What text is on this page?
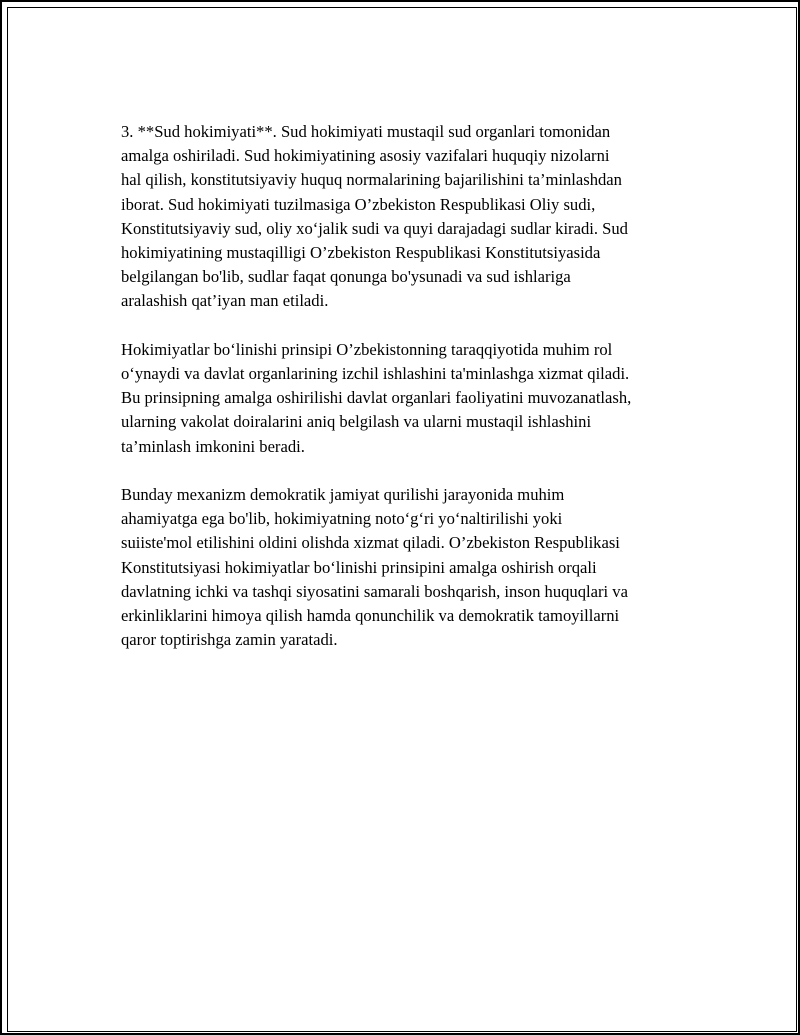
3. **Sud hokimiyati**. Sud hokimiyati mustaqil sud organlari tomonidan
amalga oshiriladi. Sud hokimiyatining asosiy vazifalari huquqiy nizolarni
hal qilish, konstitutsiyaviy huquq normalarining bajarilishini ta’minlashdan
iborat. Sud hokimiyati tuzilmasiga O’zbekiston Respublikasi Oliy sudi,
Konstitutsiyaviy sud, oliy xo‘jalik sudi va quyi darajadagi sudlar kiradi. Sud
hokimiyatining mustaqilligi O’zbekiston Respublikasi Konstitutsiyasida
belgilangan bo'lib, sudlar faqat qonunga bo'ysunadi va sud ishlariga
aralashish qat’iyan man etiladi.

Hokimiyatlar bo‘linishi prinsipi O’zbekistonning taraqqiyotida muhim rol
o‘ynaydi va davlat organlarining izchil ishlashini ta'minlashga xizmat qiladi.
Bu prinsipning amalga oshirilishi davlat organlari faoliyatini muvozanatlash,
ularning vakolat doiralarini aniq belgilash va ularni mustaqil ishlashini
ta’minlash imkonini beradi.

Bunday mexanizm demokratik jamiyat qurilishi jarayonida muhim
ahamiyatga ega bo'lib, hokimiyatning noto‘g‘ri yo‘naltirilishi yoki
suiiste'mol etilishini oldini olishda xizmat qiladi. O’zbekiston Respublikasi
Konstitutsiyasi hokimiyatlar bo‘linishi prinsipini amalga oshirish orqali
davlatning ichki va tashqi siyosatini samarali boshqarish, inson huquqlari va
erkinliklarini himoya qilish hamda qonunchilik va demokratik tamoyillarni
qaror toptirishga zamin yaratadi.
